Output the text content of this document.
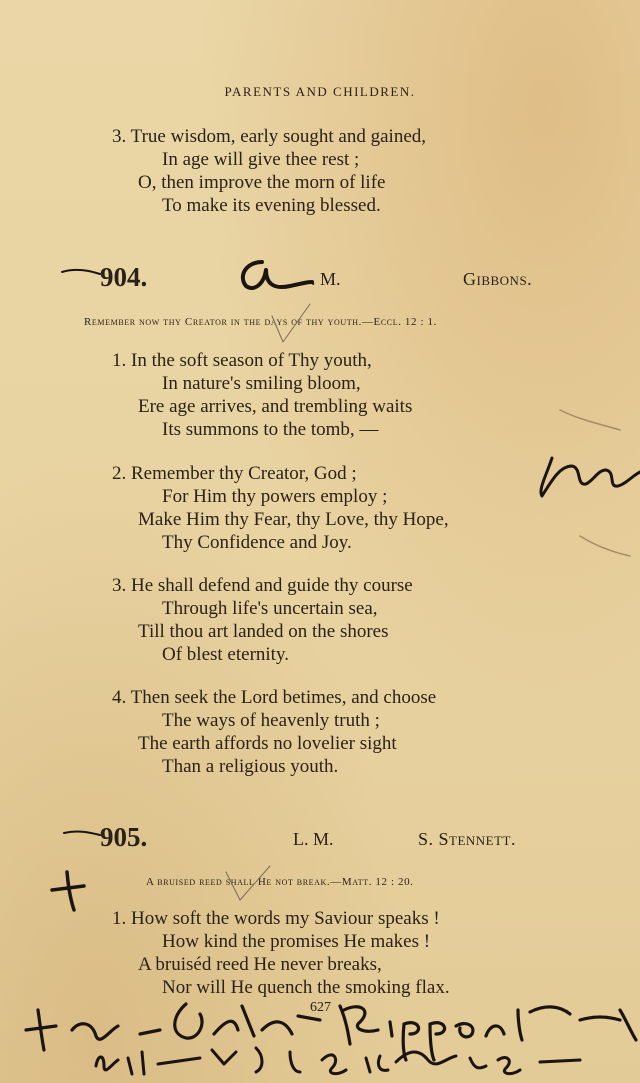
PARENTS AND CHILDREN.
3. True wisdom, early sought and gained,
In age will give thee rest ;
O, then improve the morn of life
To make its evening blessed.
904.	. M.	Gibbons.
Remember now thy Creator in the days of thy youth.—Eccl. 12 : 1.
1. In the soft season of Thy youth,
In nature's smiling bloom,
Ere age arrives, and trembling waits
Its summons to the tomb, —
2. Remember thy Creator, God ;
For Him thy powers employ ;
Make Him thy Fear, thy Love, thy Hope,
Thy Confidence and Joy.
3. He shall defend and guide thy course
Through life's uncertain sea,
Till thou art landed on the shores
Of blest eternity.
4. Then seek the Lord betimes, and choose
The ways of heavenly truth ;
The earth affords no lovelier sight
Than a religious youth.
905.	L. M.	S. Stennett.
A bruised reed shall He not break.—Matt. 12 : 20.
1. How soft the words my Saviour speaks !
How kind the promises He makes !
A bruiséd reed He never breaks,
Nor will He quench the smoking flax.
627
